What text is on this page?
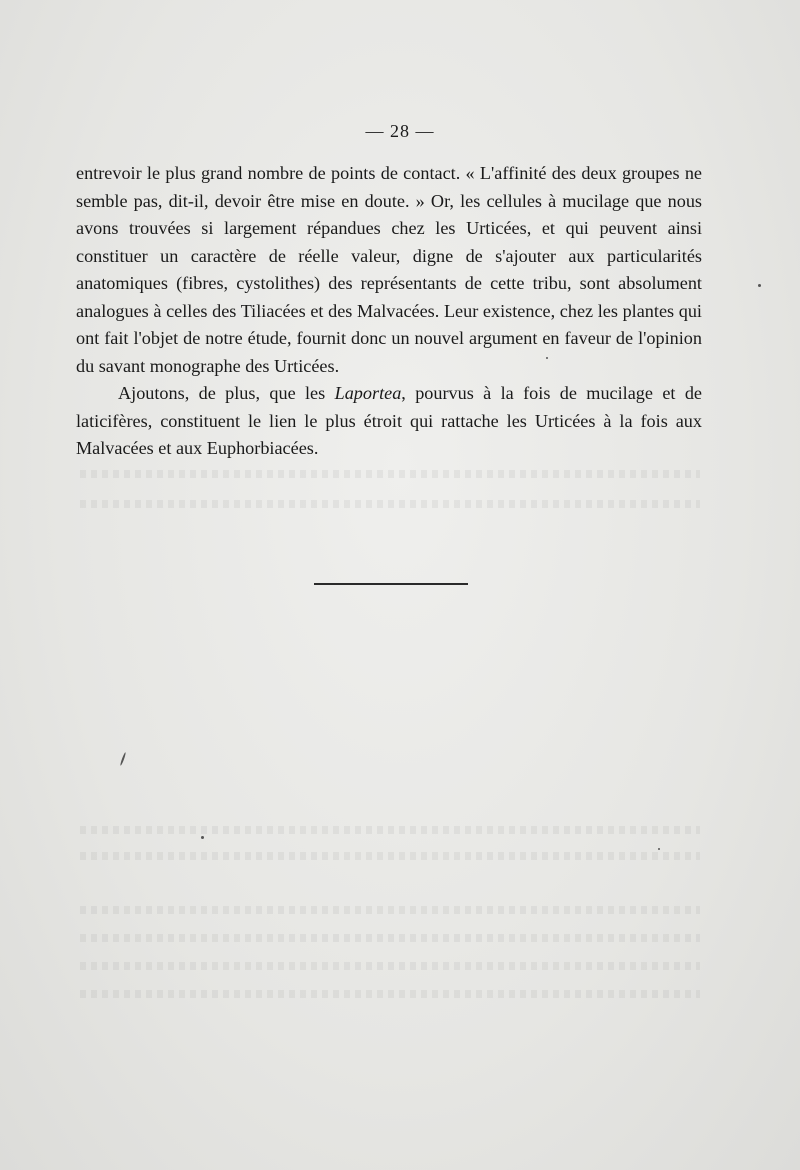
— 28 —

entrevoir le plus grand nombre de points de contact. « L'affinité des deux groupes ne semble pas, dit-il, devoir être mise en doute. » Or, les cellules à mucilage que nous avons trouvées si largement répandues chez les Urticées, et qui peuvent ainsi constituer un caractère de réelle valeur, digne de s'ajouter aux particularités anatomiques (fibres, cystolithes) des représentants de cette tribu, sont absolument analogues à celles des Tiliacées et des Malvacées. Leur existence, chez les plantes qui ont fait l'objet de notre étude, fournit donc un nouvel argument en faveur de l'opinion du savant monographe des Urticées.

Ajoutons, de plus, que les Laportea, pourvus à la fois de mucilage et de laticifères, constituent le lien le plus étroit qui rattache les Urticées à la fois aux Malvacées et aux Euphorbiacées.
